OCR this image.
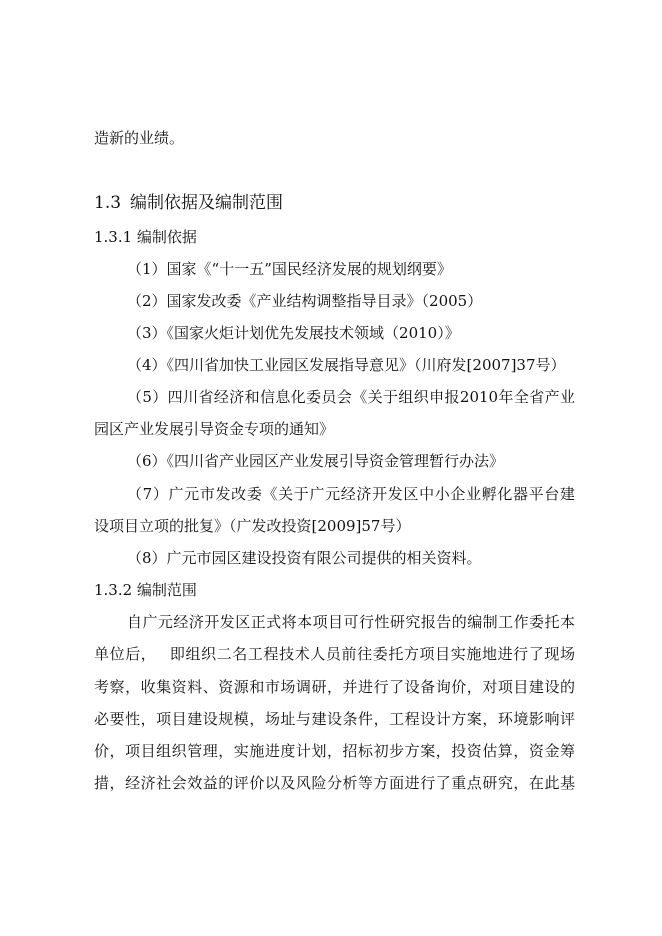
造新的业绩。
1.3 编制依据及编制范围
1.3.1 编制依据
（1）国家《“十一五”国民经济发展的规划纲要》
（2）国家发改委《产业结构调整指导目录》（2005）
（3）《国家火炬计划优先发展技术领域（2010）》
（4）《四川省加快工业园区发展指导意见》（川府发[2007]37号）
（5）四川省经济和信息化委员会《关于组织申报2010年全省产业
园区产业发展引导资金专项的通知》
（6）《四川省产业园区产业发展引导资金管理暂行办法》
（7）广元市发改委《关于广元经济开发区中小企业孵化器平台建
设项目立项的批复》（广发改投资[2009]57号）
（8）广元市园区建设投资有限公司提供的相关资料。
1.3.2 编制范围
自广元经济开发区正式将本项目可行性研究报告的编制工作委托本
单位后，　 即组织二名工程技术人员前往委托方项目实施地进行了现场
考察，收集资料、资源和市场调研，并进行了设备询价，对项目建设的
必要性，项目建设规模，场址与建设条件，工程设计方案，环境影响评
价，项目组织管理，实施进度计划，招标初步方案，投资估算，资金筹
措，经济社会效益的评价以及风险分析等方面进行了重点研究，在此基
